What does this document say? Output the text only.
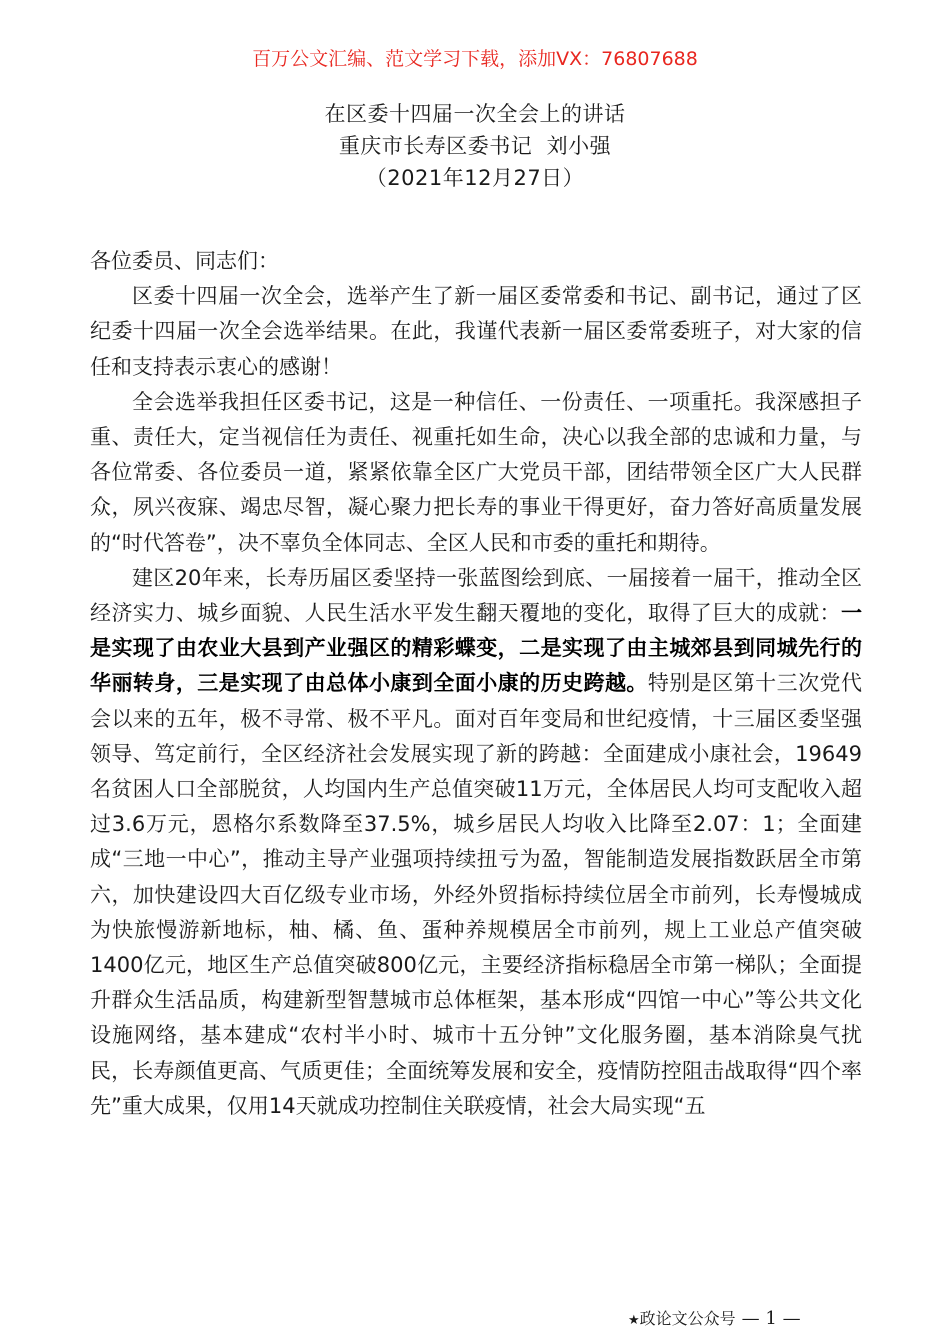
百万公文汇编、范文学习下载，添加VX：76807688
在区委十四届一次全会上的讲话
重庆市长寿区委书记  刘小强
（2021年12月27日）

各位委员、同志们：

区委十四届一次全会，选举产生了新一届区委常委和书记、副书记，通过了区纪委十四届一次全会选举结果。在此，我谨代表新一届区委常委班子，对大家的信任和支持表示衷心的感谢！

全会选举我担任区委书记，这是一种信任、一份责任、一项重托。我深感担子重、责任大，定当视信任为责任、视重托如生命，决心以我全部的忠诚和力量，与各位常委、各位委员一道，紧紧依靠全区广大党员干部，团结带领全区广大人民群众，夙兴夜寐、竭忠尽智，凝心聚力把长寿的事业干得更好，奋力答好高质量发展的“时代答卷”，决不辜负全体同志、全区人民和市委的重托和期待。

建区20年来，长寿历届区委坚持一张蓝图绘到底、一届接着一届干，推动全区经济实力、城乡面貌、人民生活水平发生翻天覆地的变化，取得了巨大的成就：一是实现了由农业大县到产业强区的精彩蝶变，二是实现了由主城郊县到同城先行的华丽转身，三是实现了由总体小康到全面小康的历史跨越。特别是区第十三次党代会以来的五年，极不寻常、极不平凡。面对百年变局和世纪疫情，十三届区委坚强领导、笃定前行，全区经济社会发展实现了新的跨越：全面建成小康社会，19649名贫困人口全部脱贫，人均国内生产总值突破11万元，全体居民人均可支配收入超过3.6万元，恩格尔系数降至37.5%，城乡居民人均收入比降至2.07：1；全面建成“三地一中心”，推动主导产业强项持续扭亏为盈，智能制造发展指数跃居全市第六，加快建设四大百亿级专业市场，外经外贸指标持续位居全市前列，长寿慢城成为快旅慢游新地标，柚、橘、鱼、蛋种养规模居全市前列，规上工业总产值突破1400亿元，地区生产总值突破800亿元，主要经济指标稳居全市第一梯队；全面提升群众生活品质，构建新型智慧城市总体框架，基本形成“四馆一中心”等公共文化设施网络，基本建成“农村半小时、城市十五分钟”文化服务圈，基本消除臭气扰民，长寿颜值更高、气质更佳；全面统筹发展和安全，疫情防控阻击战取得“四个率先”重大成果，仅用14天就成功控制住关联疫情，社会大局实现“五

★政论文公众号 — 1 —
